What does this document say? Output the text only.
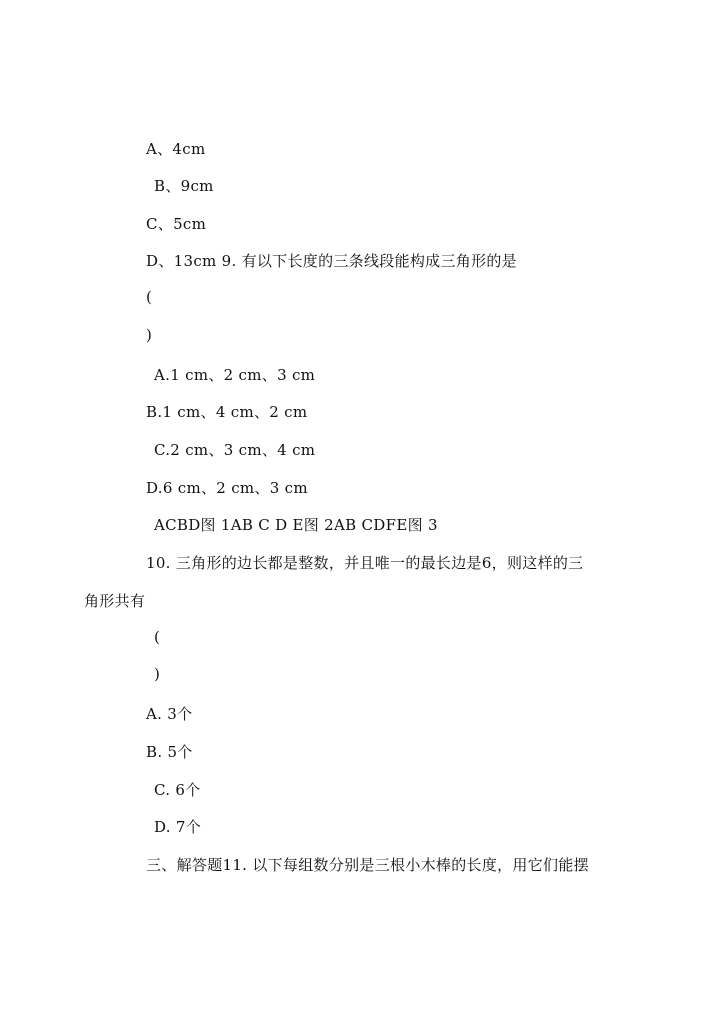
A、4cm
B、9cm
C、5cm
D、13cm 9. 有以下长度的三条线段能构成三角形的是
(
)
A.1 cm、2 cm、3 cm
B.1 cm、4 cm、2 cm
C.2 cm、3 cm、4 cm
D.6 cm、2 cm、3 cm
ACBD图 1AB C D E图 2AB CDFE图 3
10. 三角形的边长都是整数，并且唯一的最长边是6，则这样的三
角形共有
(
)
A. 3个
B. 5个
C. 6个
D. 7个
三、解答题11. 以下每组数分别是三根小木棒的长度，用它们能摆
